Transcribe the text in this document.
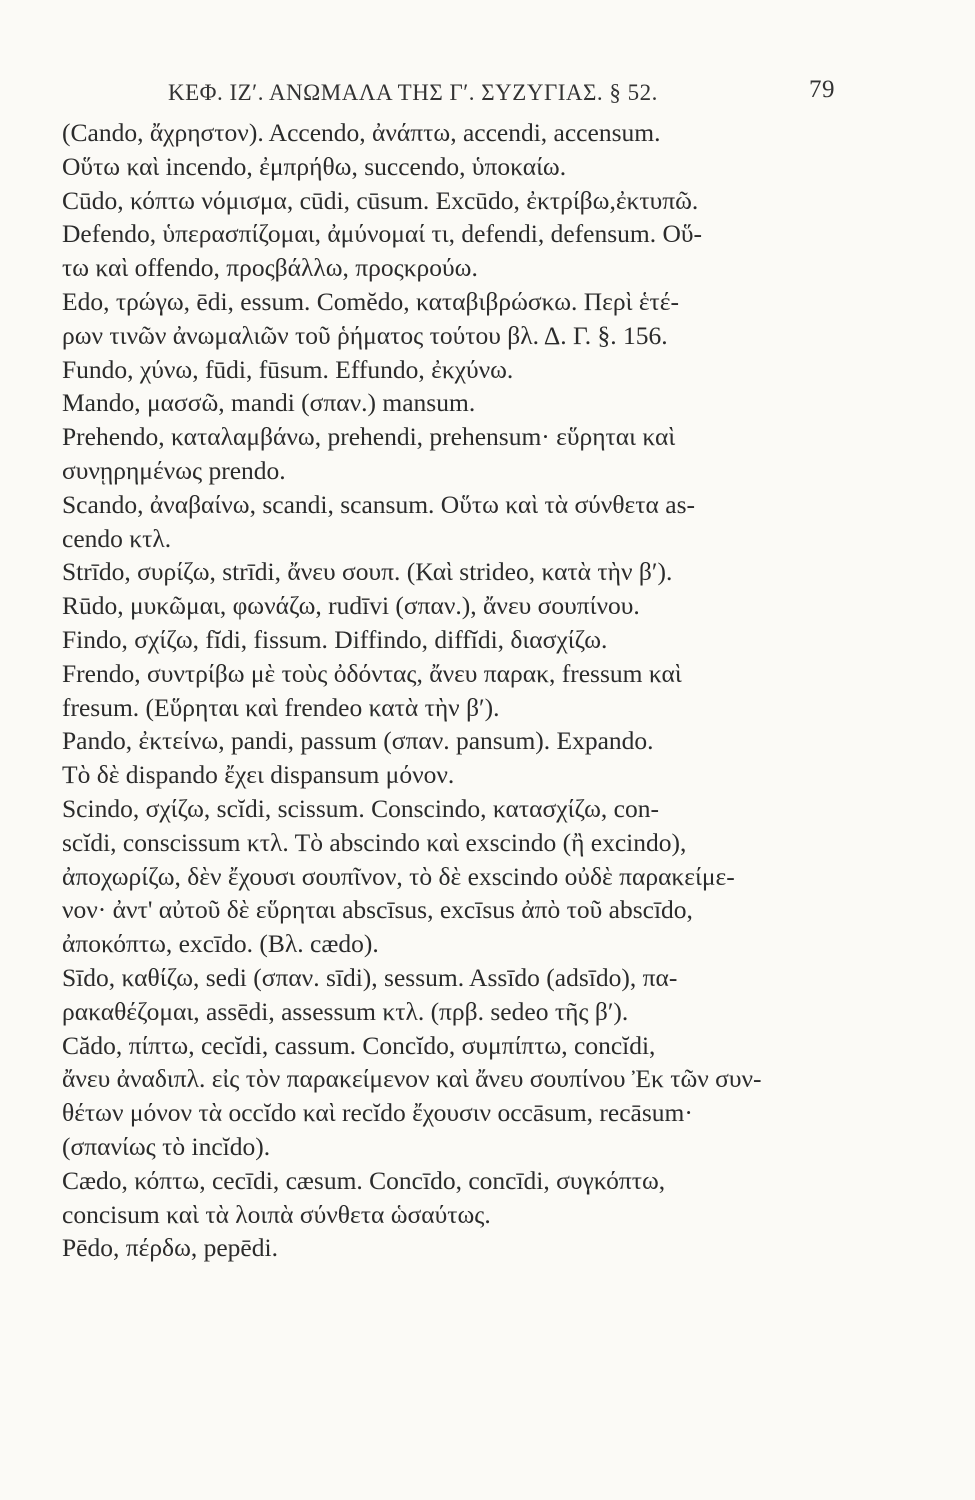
ΚΕΦ. ΙΖʹ. ΑΝΩΜΑΛΑ ΤΗΣ Γʹ. ΣΥΖΥΓΙΑΣ. § 52.	79
(Cando, ἄχρηστον). Accendo, ἀνάπτω, accendi, accensum.
Οὕτω καὶ incendo, ἐμπρήθω, succendo, ὑποκαίω.
Cūdo, κόπτω νόμισμα, cūdi, cūsum. Excūdo, ἐκτρίβω,ἐκτυπῶ.
Defendo, ὑπερασπίζομαι, ἀμύνομαί τι, defendi, defensum. Οὕ-
τω καὶ offendo, προςβάλλω, προςκρούω.
Edo, τρώγω, ēdi, essum. Comĕdo, καταβιβρώσκω. Περὶ ἑτέ-
ρων τινῶν ἀνωμαλιῶν τοῦ ῥήματος τούτου βλ. Δ. Γ. §. 156.
Fundo, χύνω, fūdi, fūsum. Effundo, ἐκχύνω.
Mando, μασσῶ, mandi (σπαν.) mansum.
Prehendo, καταλαμβάνω, prehendi, prehensum· εὕρηται καὶ
συνῃρημένως prendo.
Scando, ἀναβαίνω, scandi, scansum. Οὕτω καὶ τὰ σύνθετα as-
cendo κτλ.
Strīdo, συρίζω, strīdi, ἄνευ σουπ. (Καὶ strideo, κατὰ τὴν βʹ).
Rūdo, μυκῶμαι, φωνάζω, rudīvi (σπαν.), ἄνευ σουπίνου.
Findo, σχίζω, fĭdi, fissum. Diffindo, diffĭdi, διασχίζω.
Frendo, συντρίβω μὲ τοὺς ὀδόντας, ἄνευ παρακ, fressum καὶ
fresum. (Εὕρηται καὶ frendeo κατὰ τὴν βʹ).
Pando, ἐκτείνω, pandi, passum (σπαν. pansum). Expando.
Τὸ δὲ dispando ἔχει dispansum μόνον.
Scindo, σχίζω, scĭdi, scissum. Conscindo, κατασχίζω, con-
scĭdi, conscissum κτλ. Τὸ abscindo καὶ exscindo (ἢ excindo),
ἀποχωρίζω, δὲν ἔχουσι σουπῖνον, τὸ δὲ exscindo οὐδὲ παρακείμε-
νον· ἀντ' αὐτοῦ δὲ εὕρηται abscīsus, excīsus ἀπὸ τοῦ abscīdo,
ἀποκόπτω, excīdo. (Βλ. cædo).
Sīdo, καθίζω, sedi (σπαν. sīdi), sessum. Assīdo (adsīdo), πα-
ρακαθέζομαι, assēdi, assessum κτλ. (πρβ. sedeo τῆς βʹ).
Cădo, πίπτω, cecĭdi, cassum. Concĭdo, συμπίπτω, concĭdi,
ἄνευ ἀναδιπλ. εἰς τὸν παρακείμενον καὶ ἄνευ σουπίνου Ἐκ τῶν συν-
θέτων μόνον τὰ occĭdo καὶ recĭdo ἔχουσιν occāsum, recāsum·
(σπανίως τὸ incĭdo).
Cædo, κόπτω, cecīdi, cæsum. Concīdo, concīdi, συγκόπτω,
concisum καὶ τὰ λοιπὰ σύνθετα ὡσαύτως.
Pēdo, πέρδω, pepēdi.
